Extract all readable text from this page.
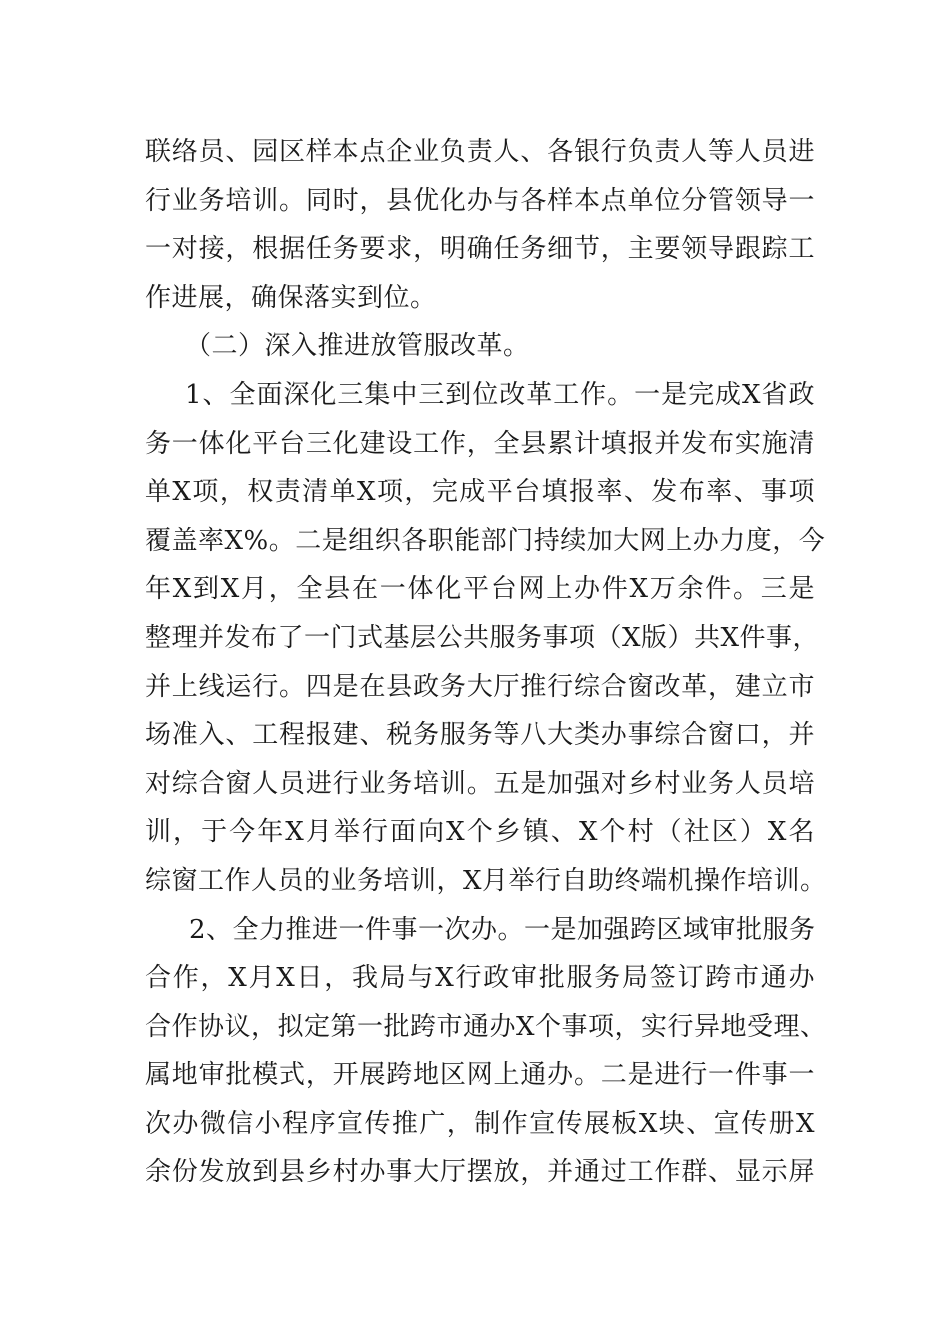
联络员、园区样本点企业负责人、各银行负责人等人员进
行业务培训。同时，县优化办与各样本点单位分管领导一
一对接，根据任务要求，明确任务细节，主要领导跟踪工
作进展，确保落实到位。
（二）深入推进放管服改革。
1、全面深化三集中三到位改革工作。一是完成X省政
务一体化平台三化建设工作，全县累计填报并发布实施清
单X项，权责清单X项，完成平台填报率、发布率、事项
覆盖率X%。二是组织各职能部门持续加大网上办力度，今
年X到X月，全县在一体化平台网上办件X万余件。三是
整理并发布了一门式基层公共服务事项（X版）共X件事，
并上线运行。四是在县政务大厅推行综合窗改革，建立市
场准入、工程报建、税务服务等八大类办事综合窗口，并
对综合窗人员进行业务培训。五是加强对乡村业务人员培
训，于今年X月举行面向X个乡镇、X个村（社区）X名
综窗工作人员的业务培训，X月举行自助终端机操作培训。
2、全力推进一件事一次办。一是加强跨区域审批服务
合作，X月X日，我局与X行政审批服务局签订跨市通办
合作协议，拟定第一批跨市通办X个事项，实行异地受理、
属地审批模式，开展跨地区网上通办。二是进行一件事一
次办微信小程序宣传推广，制作宣传展板X块、宣传册X
余份发放到县乡村办事大厅摆放，并通过工作群、显示屏
